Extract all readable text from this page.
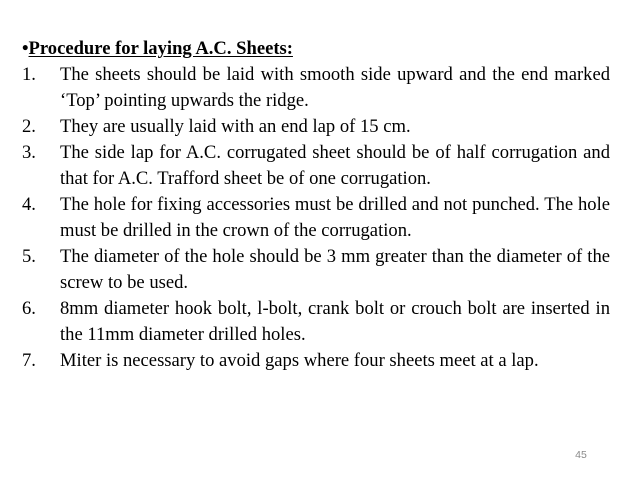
•Procedure for laying A.C. Sheets:
1.	The sheets should be laid with smooth side upward and the end marked ‘Top’ pointing upwards the ridge.
2.	They are usually laid with an end lap of 15 cm.
3.	The side lap for A.C. corrugated sheet should be of half corrugation and that for A.C. Trafford sheet be of one corrugation.
4.	The hole for fixing accessories must be drilled and not punched. The hole must be drilled in the crown of the corrugation.
5.	The diameter of the hole should be 3 mm greater than the diameter of the screw to be used.
6.	8mm diameter hook bolt, l-bolt, crank bolt or crouch bolt are inserted in the 11mm diameter drilled holes.
7.	Miter is necessary to avoid gaps where four sheets meet at a lap.
45
